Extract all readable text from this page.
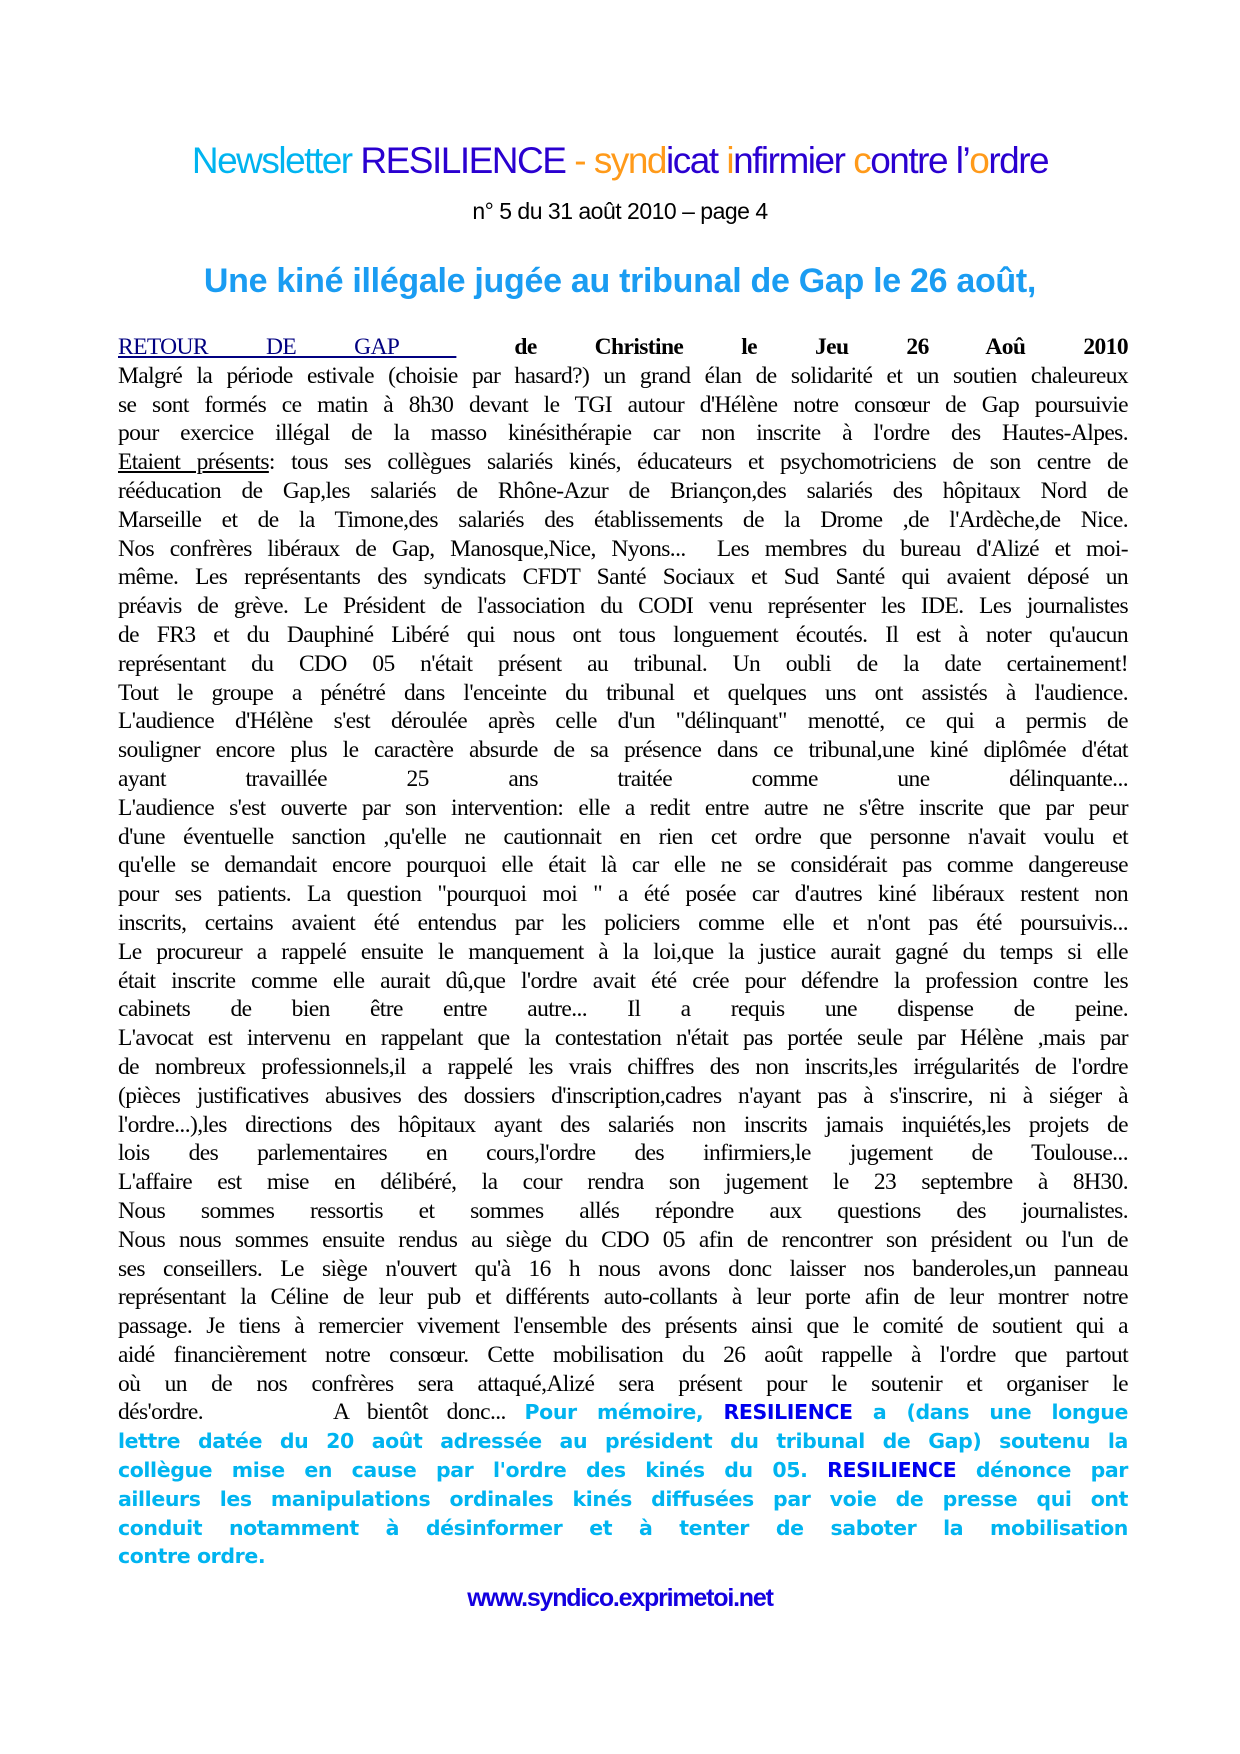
Newsletter RESILIENCE - syndicat infirmier contre l’ordre
n° 5 du 31 août 2010 – page 4
Une kiné illégale jugée au tribunal de Gap le 26 août,
RETOUR DE GAP  de Christine le Jeu 26 Aoû 2010
Malgré la période estivale (choisie par hasard?) un grand élan de solidarité et un soutien chaleureux
se sont formés ce matin à 8h30 devant le TGI autour d'Hélène notre consœur de Gap poursuivie
pour exercice illégal de la masso kinésithérapie car non inscrite à l'ordre des Hautes-Alpes.
Etaient présents: tous ses collègues salariés kinés, éducateurs et psychomotriciens de son centre de
rééducation de Gap,les salariés de Rhône-Azur de Briançon,des salariés des hôpitaux Nord de
Marseille et de la Timone,des salariés des établissements de la Drome ,de l'Ardèche,de Nice.
Nos confrères libéraux de Gap, Manosque,Nice, Nyons...  Les membres du bureau d'Alizé et moi-
même. Les représentants des syndicats CFDT Santé Sociaux et Sud Santé qui avaient déposé un
préavis de grève. Le Président de l'association du CODI venu représenter les IDE. Les journalistes
de FR3 et du Dauphiné Libéré qui nous ont tous longuement écoutés. Il est à noter qu'aucun
représentant du CDO 05 n'était présent au tribunal. Un oubli de la date certainement!
Tout le groupe a pénétré dans l'enceinte du tribunal et quelques uns ont assistés à l'audience.
L'audience d'Hélène s'est déroulée après celle d'un "délinquant" menotté, ce qui a permis de
souligner encore plus le caractère absurde de sa présence dans ce tribunal,une kiné diplômée d'état
ayant travaillée 25 ans traitée comme une délinquante...
L'audience s'est ouverte par son intervention: elle a redit entre autre ne s'être inscrite que par peur
d'une éventuelle sanction ,qu'elle ne cautionnait en rien cet ordre que personne n'avait voulu et
qu'elle se demandait encore pourquoi elle était là car elle ne se considérait pas comme dangereuse
pour ses patients. La question "pourquoi moi " a été posée car d'autres kiné libéraux restent non
inscrits, certains avaient été entendus par les policiers comme elle et n'ont pas été poursuivis...
Le procureur a rappelé ensuite le manquement à la loi,que la justice aurait gagné du temps si elle
était inscrite comme elle aurait dû,que l'ordre avait été crée pour défendre la profession contre les
cabinets de bien être entre autre... Il a requis une dispense de peine.
L'avocat est intervenu en rappelant que la contestation n'était pas portée seule par Hélène ,mais par
de nombreux professionnels,il a rappelé les vrais chiffres des non inscrits,les irrégularités de l'ordre
(pièces justificatives abusives des dossiers d'inscription,cadres n'ayant pas à s'inscrire, ni à siéger à
l'ordre...),les directions des hôpitaux ayant des salariés non inscrits jamais inquiétés,les projets de
lois des parlementaires en cours,l'ordre des infirmiers,le jugement de Toulouse...
L'affaire est mise en délibéré, la cour rendra son jugement le 23 septembre à 8H30.
Nous sommes ressortis et sommes allés répondre aux questions des journalistes.
Nous nous sommes ensuite rendus au siège du CDO 05 afin de rencontrer son président ou l'un de
ses conseillers. Le siège n'ouvert qu'à 16 h nous avons donc laisser nos banderoles,un panneau
représentant la Céline de leur pub et différents auto-collants à leur porte afin de leur montrer notre
passage. Je tiens à remercier vivement l'ensemble des présents ainsi que le comité de soutient qui a
aidé financièrement notre consœur. Cette mobilisation du 26 août rappelle à l'ordre que partout
où un de nos confrères sera attaqué,Alizé sera présent pour le soutenir et organiser le
dés'ordre.       A bientôt donc... Pour mémoire, RESILIENCE a (dans une longue
lettre datée du 20 août adressée au président du tribunal de Gap) soutenu la
collègue mise en cause par l'ordre des kinés du 05. RESILIENCE dénonce par
ailleurs les manipulations ordinales kinés diffusées par voie de presse qui ont
conduit notamment à désinformer et à tenter de saboter la mobilisation
contre ordre.
www.syndico.exprimetoi.net
